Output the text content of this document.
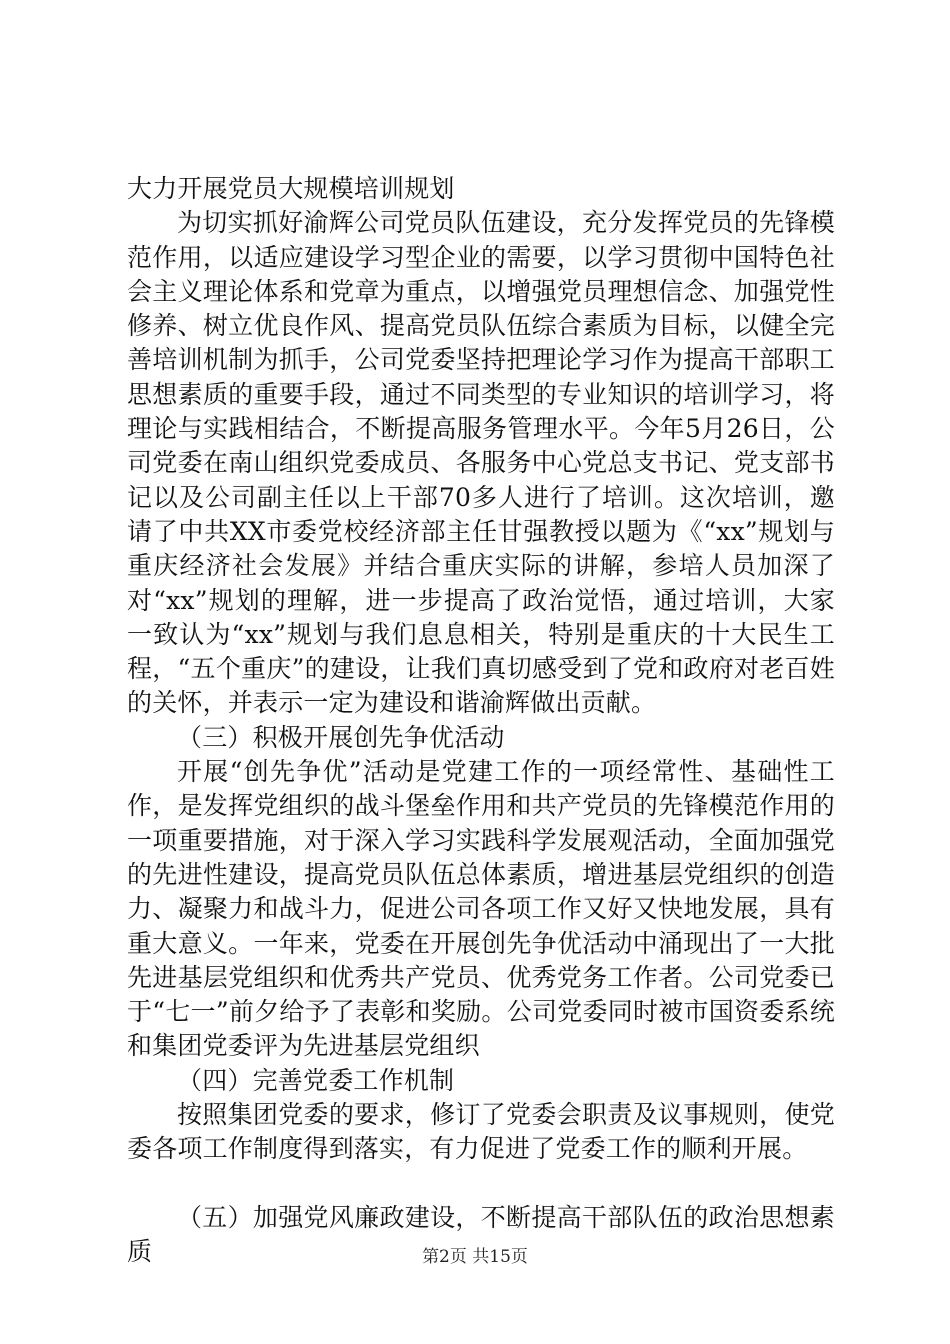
大力开展党员大规模培训规划

为切实抓好渝辉公司党员队伍建设，充分发挥党员的先锋模范作用，以适应建设学习型企业的需要，以学习贯彻中国特色社会主义理论体系和党章为重点，以增强党员理想信念、加强党性修养、树立优良作风、提高党员队伍综合素质为目标，以健全完善培训机制为抓手，公司党委坚持把理论学习作为提高干部职工思想素质的重要手段，通过不同类型的专业知识的培训学习，将理论与实践相结合，不断提高服务管理水平。今年5月26日，公司党委在南山组织党委成员、各服务中心党总支书记、党支部书记以及公司副主任以上干部70多人进行了培训。这次培训，邀请了中共XX市委党校经济部主任甘强教授以题为《“xx”规划与重庆经济社会发展》并结合重庆实际的讲解，参培人员加深了对“xx”规划的理解，进一步提高了政治觉悟，通过培训，大家一致认为“xx”规划与我们息息相关，特别是重庆的十大民生工程，“五个重庆”的建设，让我们真切感受到了党和政府对老百姓的关怀，并表示一定为建设和谐渝辉做出贡献。

（三）积极开展创先争优活动

开展“创先争优”活动是党建工作的一项经常性、基础性工作，是发挥党组织的战斗堡垒作用和共产党员的先锋模范作用的一项重要措施，对于深入学习实践科学发展观活动，全面加强党的先进性建设，提高党员队伍总体素质，增进基层党组织的创造力、凝聚力和战斗力，促进公司各项工作又好又快地发展，具有重大意义。一年来，党委在开展创先争优活动中涌现出了一大批先进基层党组织和优秀共产党员、优秀党务工作者。公司党委已于“七一”前夕给予了表彰和奖励。公司党委同时被市国资委系统和集团党委评为先进基层党组织

（四）完善党委工作机制

按照集团党委的要求，修订了党委会职责及议事规则，使党委各项工作制度得到落实，有力促进了党委工作的顺利开展。

（五）加强党风廉政建设，不断提高干部队伍的政治思想素质	第2页 共15页
